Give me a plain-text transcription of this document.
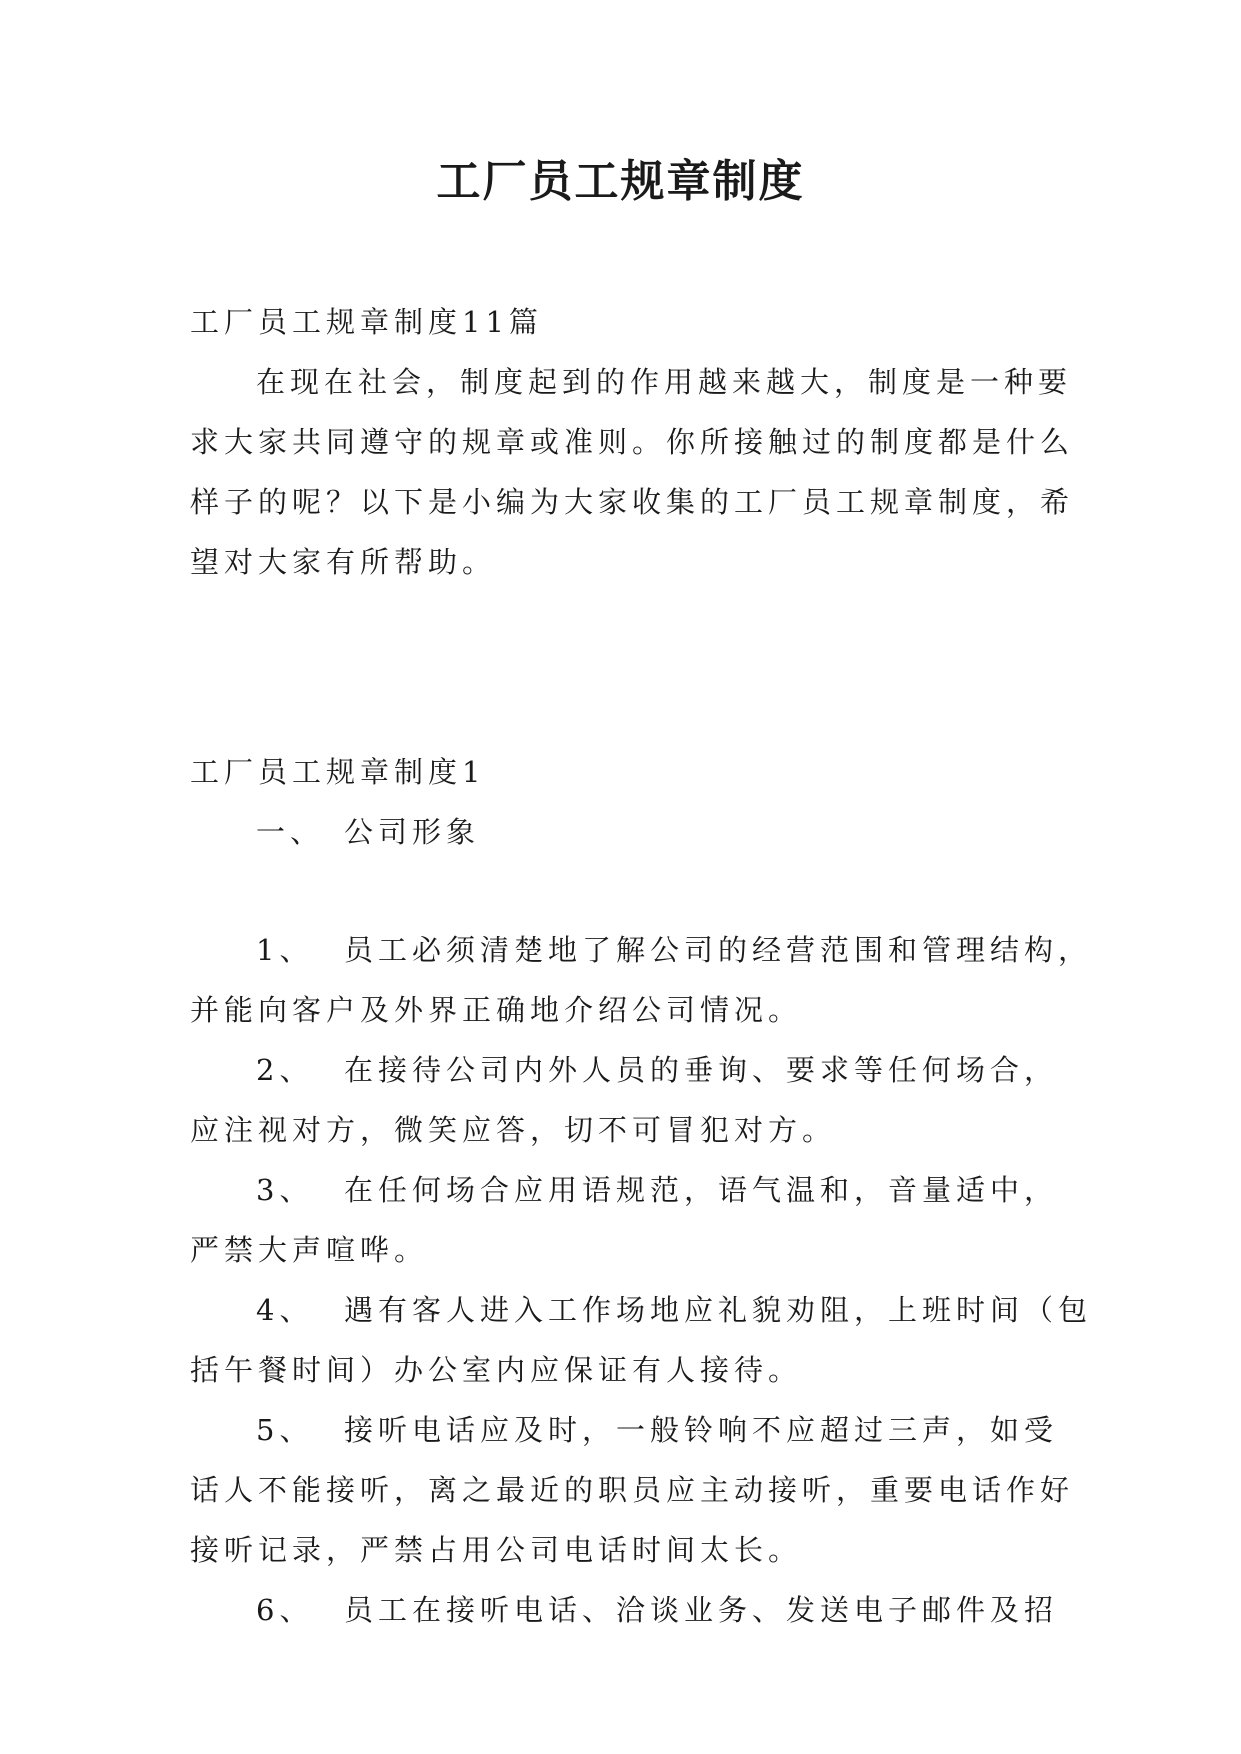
工厂员工规章制度
工厂员工规章制度11篇
在现在社会，制度起到的作用越来越大，制度是一种要
求大家共同遵守的规章或准则。你所接触过的制度都是什么
样子的呢？以下是小编为大家收集的工厂员工规章制度，希
望对大家有所帮助。
工厂员工规章制度1
一、 公司形象
1、 员工必须清楚地了解公司的经营范围和管理结构，
并能向客户及外界正确地介绍公司情况。
2、 在接待公司内外人员的垂询、要求等任何场合，
应注视对方，微笑应答，切不可冒犯对方。
3、 在任何场合应用语规范，语气温和，音量适中，
严禁大声喧哗。
4、 遇有客人进入工作场地应礼貌劝阻，上班时间（包
括午餐时间）办公室内应保证有人接待。
5、 接听电话应及时，一般铃响不应超过三声，如受
话人不能接听，离之最近的职员应主动接听，重要电话作好
接听记录，严禁占用公司电话时间太长。
6、 员工在接听电话、洽谈业务、发送电子邮件及招
